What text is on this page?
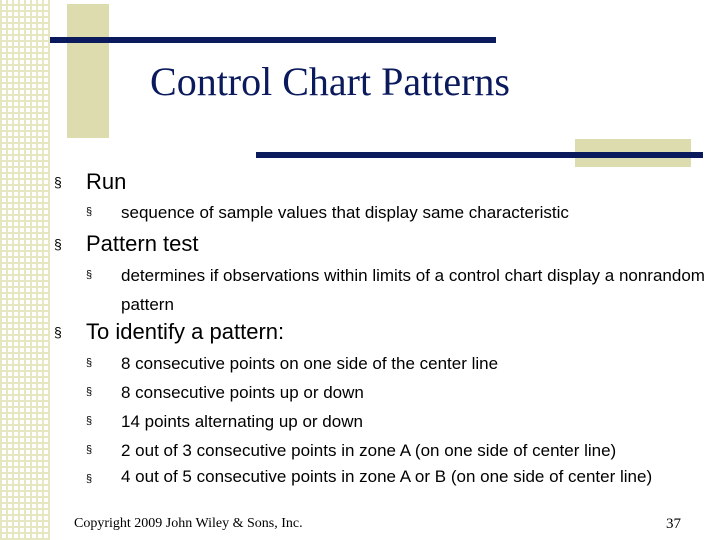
Control Chart Patterns
§ Run
§ sequence of sample values that display same characteristic
§ Pattern test
§ determines if observations within limits of a control chart display a nonrandom pattern
§ To identify a pattern:
§ 8 consecutive points on one side of the center line
§ 8 consecutive points up or down
§ 14 points alternating up or down
§ 2 out of 3 consecutive points in zone A (on one side of center line)
§ 4 out of 5 consecutive points in zone A or B (on one side of center line)
Copyright 2009 John Wiley & Sons, Inc.	37
